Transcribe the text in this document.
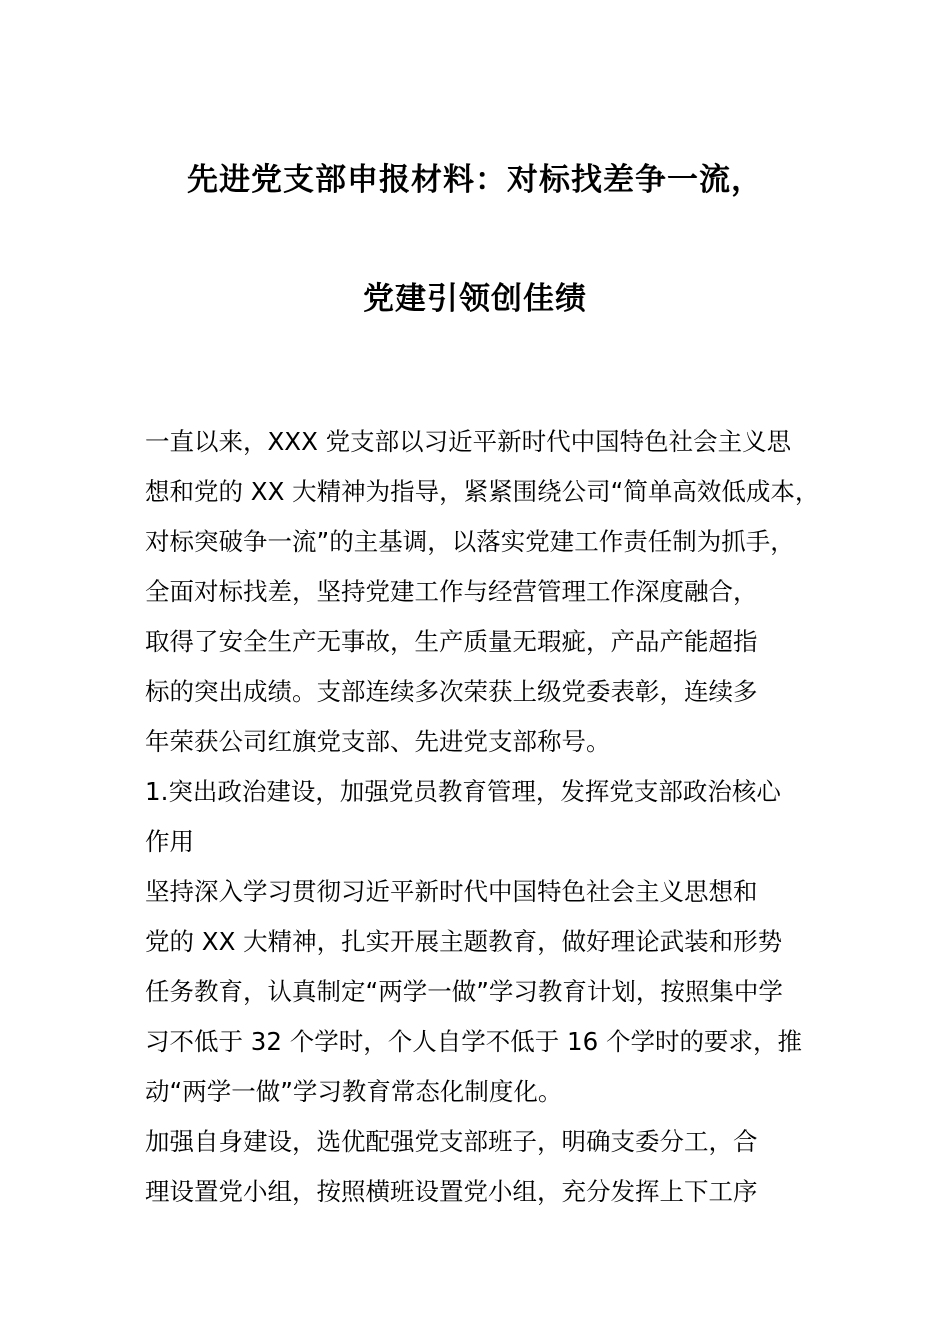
先进党支部申报材料：对标找差争一流，
党建引领创佳绩
一直以来，XXX 党支部以习近平新时代中国特色社会主义思
想和党的 XX 大精神为指导，紧紧围绕公司“简单高效低成本，
对标突破争一流”的主基调，以落实党建工作责任制为抓手，
全面对标找差，坚持党建工作与经营管理工作深度融合，
取得了安全生产无事故，生产质量无瑕疵，产品产能超指
标的突出成绩。支部连续多次荣获上级党委表彰，连续多
年荣获公司红旗党支部、先进党支部称号。
1.突出政治建设，加强党员教育管理，发挥党支部政治核心
作用
坚持深入学习贯彻习近平新时代中国特色社会主义思想和
党的 XX 大精神，扎实开展主题教育，做好理论武装和形势
任务教育，认真制定“两学一做”学习教育计划，按照集中学
习不低于 32 个学时，个人自学不低于 16 个学时的要求，推
动“两学一做”学习教育常态化制度化。
加强自身建设，选优配强党支部班子，明确支委分工，合
理设置党小组，按照横班设置党小组，充分发挥上下工序
